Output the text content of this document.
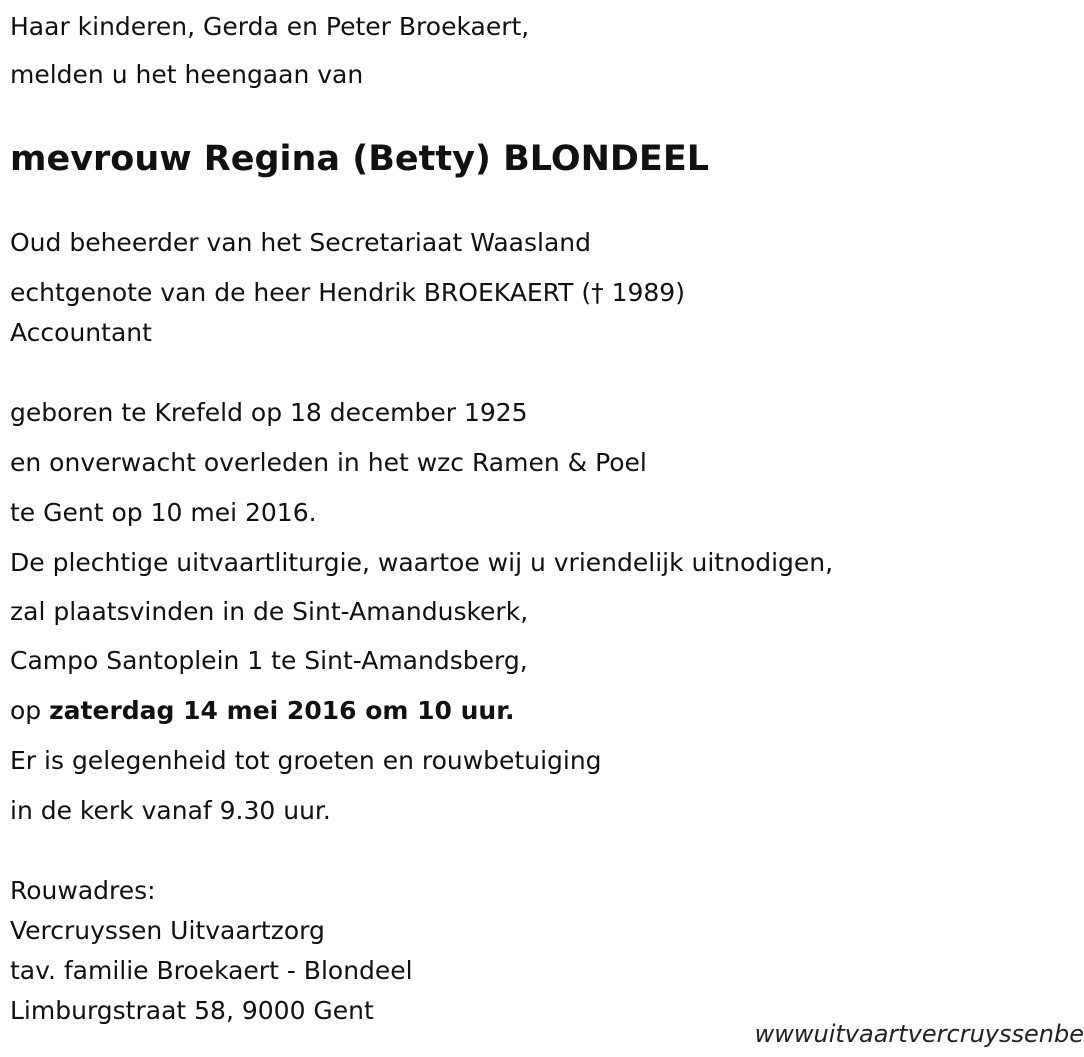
Haar kinderen, Gerda en Peter Broekaert,

melden u het heengaan van

mevrouw Regina (Betty) BLONDEEL

Oud beheerder van het Secretariaat Waasland

echtgenote van de heer Hendrik BROEKAERT († 1989)

Accountant

geboren te Krefeld op 18 december 1925

en onverwacht overleden in het wzc Ramen & Poel

te Gent op 10 mei 2016.

De plechtige uitvaartliturgie, waartoe wij u vriendelijk uitnodigen,

zal plaatsvinden in de Sint-Amanduskerk,

Campo Santoplein 1 te Sint-Amandsberg,

op zaterdag 14 mei 2016 om 10 uur.

Er is gelegenheid tot groeten en rouwbetuiging

in de kerk vanaf 9.30 uur.

Rouwadres:

Vercruyssen Uitvaartzorg

tav. familie Broekaert - Blondeel

Limburgstraat 58, 9000 Gent

wwwuitvaartvercruyssenbe
